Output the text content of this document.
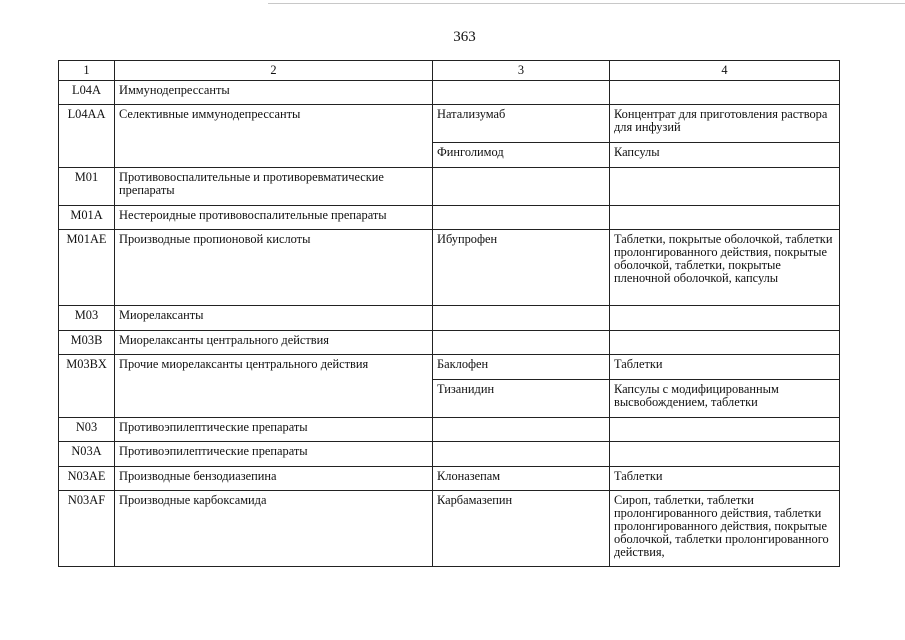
363
1	2	3	4
L04A	Иммунодепрессанты		
L04AA	Селективные иммунодепрессанты	Натализумаб	Концентрат для приготовления раствора для инфузий
		Финголимод	Капсулы
M01	Противовоспалительные и противоревматические препараты		
M01A	Нестероидные противовоспалительные препараты		
M01AE	Производные пропионовой кислоты	Ибупрофен	Таблетки, покрытые оболочкой, таблетки пролонгированного действия, покрытые оболочкой, таблетки, покрытые пленочной оболочкой, капсулы
M03	Миорелаксанты		
M03B	Миорелаксанты центрального действия		
M03BX	Прочие миорелаксанты центрального действия	Баклофен	Таблетки
		Тизанидин	Капсулы с модифицированным высвобождением, таблетки
N03	Противоэпилептические препараты		
N03A	Противоэпилептические препараты		
N03AE	Производные бензодиазепина	Клоназепам	Таблетки
N03AF	Производные карбоксамида	Карбамазепин	Сироп, таблетки, таблетки пролонгированного действия, таблетки пролонгированного действия, покрытые оболочкой, таблетки пролонгированного действия,
